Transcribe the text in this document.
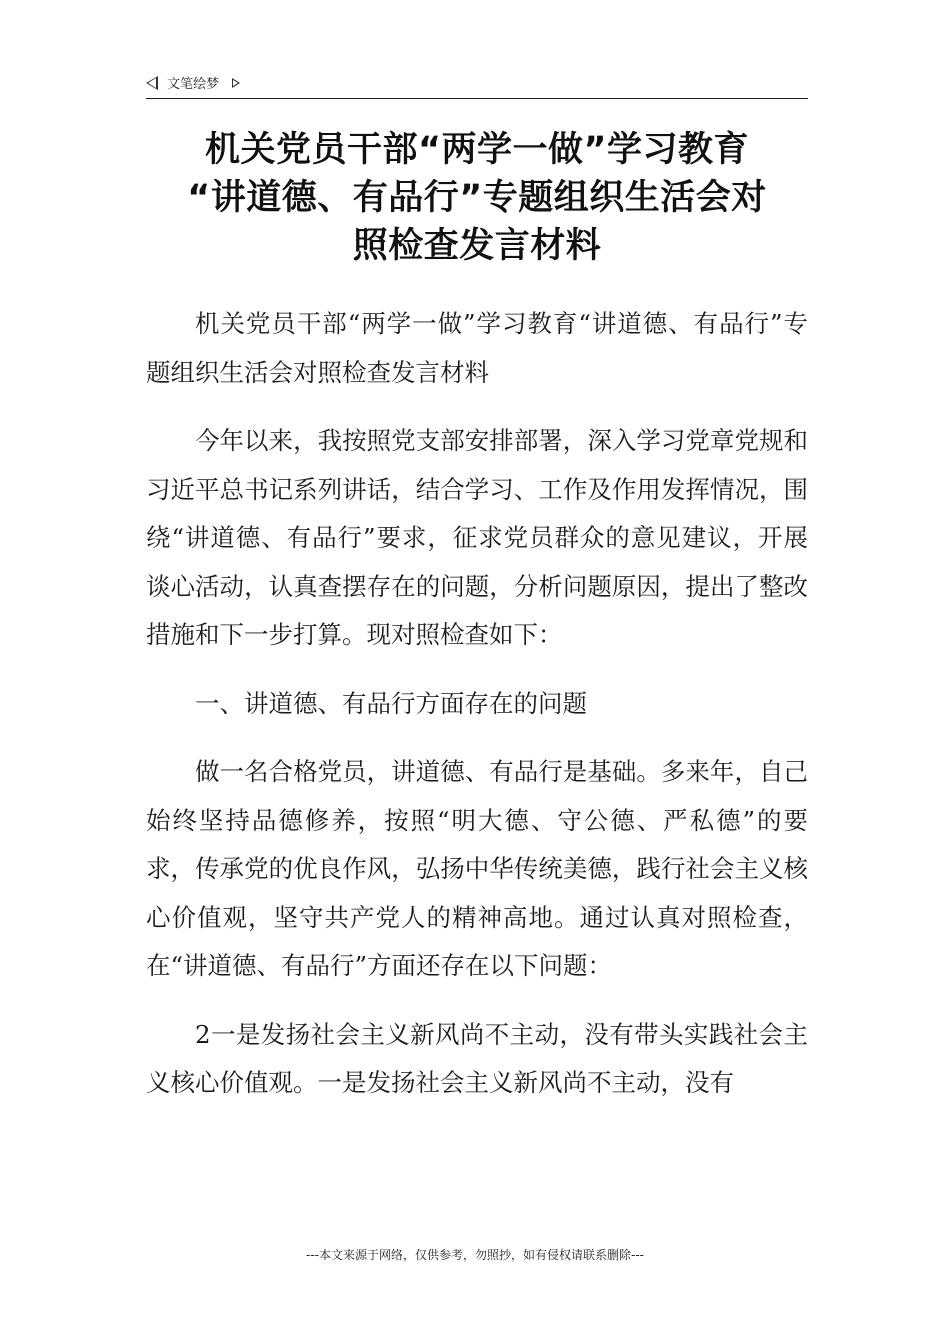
文笔绘梦
机关党员干部“两学一做”学习教育
“讲道德、有品行”专题组织生活会对
照检查发言材料

机关党员干部“两学一做”学习教育“讲道德、有品行”专题组织生活会对照检查发言材料

今年以来，我按照党支部安排部署，深入学习党章党规和习近平总书记系列讲话，结合学习、工作及作用发挥情况，围绕“讲道德、有品行”要求，征求党员群众的意见建议，开展谈心活动，认真查摆存在的问题，分析问题原因，提出了整改措施和下一步打算。现对照检查如下：

一、讲道德、有品行方面存在的问题

做一名合格党员，讲道德、有品行是基础。多来年，自己始终坚持品德修养，按照“明大德、守公德、严私德”的要求，传承党的优良作风，弘扬中华传统美德，践行社会主义核心价值观，坚守共产党人的精神高地。通过认真对照检查，在“讲道德、有品行”方面还存在以下问题：

2一是发扬社会主义新风尚不主动，没有带头实践社会主义核心价值观。一是发扬社会主义新风尚不主动，没有

---本文来源于网络，仅供参考，勿照抄，如有侵权请联系删除---
